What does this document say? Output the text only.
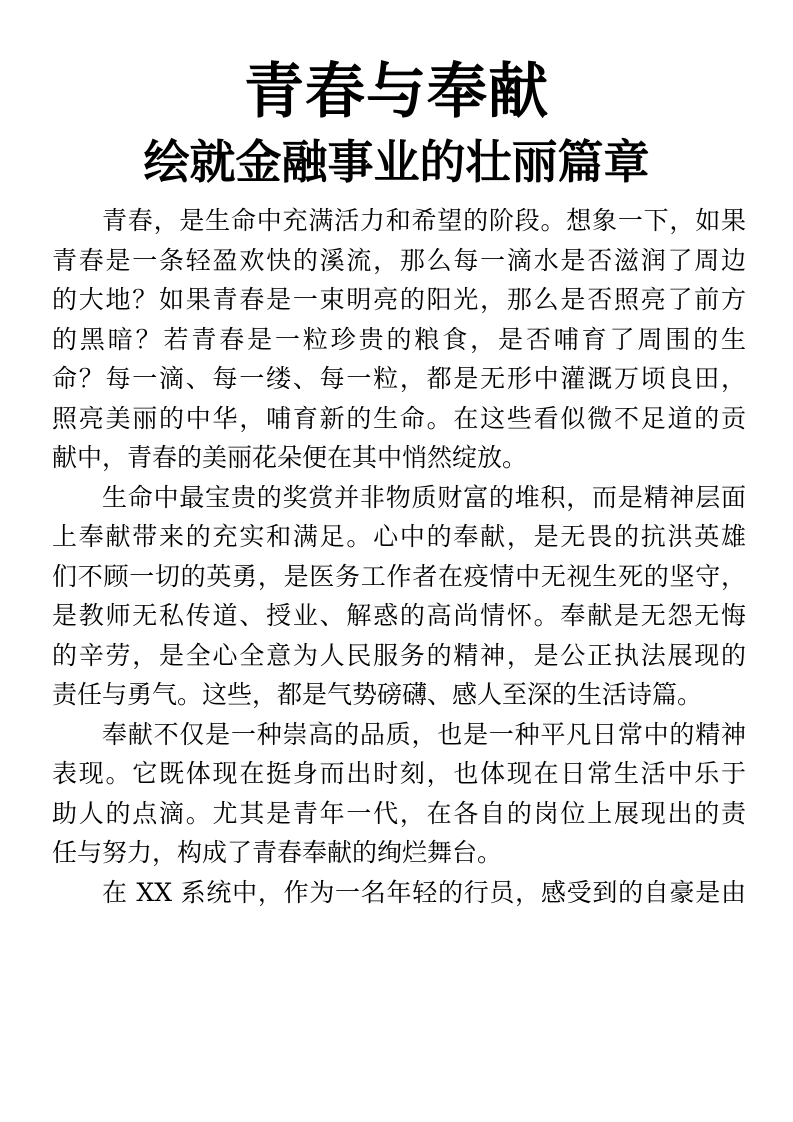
青春与奉献
绘就金融事业的壮丽篇章

青春，是生命中充满活力和希望的阶段。想象一下，如果
青春是一条轻盈欢快的溪流，那么每一滴水是否滋润了周边
的大地？如果青春是一束明亮的阳光，那么是否照亮了前方
的黑暗？若青春是一粒珍贵的粮食，是否哺育了周围的生
命？每一滴、每一缕、每一粒，都是无形中灌溉万顷良田，
照亮美丽的中华，哺育新的生命。在这些看似微不足道的贡
献中，青春的美丽花朵便在其中悄然绽放。

生命中最宝贵的奖赏并非物质财富的堆积，而是精神层面
上奉献带来的充实和满足。心中的奉献，是无畏的抗洪英雄
们不顾一切的英勇，是医务工作者在疫情中无视生死的坚守，
是教师无私传道、授业、解惑的高尚情怀。奉献是无怨无悔
的辛劳，是全心全意为人民服务的精神，是公正执法展现的
责任与勇气。这些，都是气势磅礴、感人至深的生活诗篇。

奉献不仅是一种崇高的品质，也是一种平凡日常中的精神
表现。它既体现在挺身而出时刻，也体现在日常生活中乐于
助人的点滴。尤其是青年一代，在各自的岗位上展现出的责
任与努力，构成了青春奉献的绚烂舞台。

在 XX 系统中，作为一名年轻的行员，感受到的自豪是由
